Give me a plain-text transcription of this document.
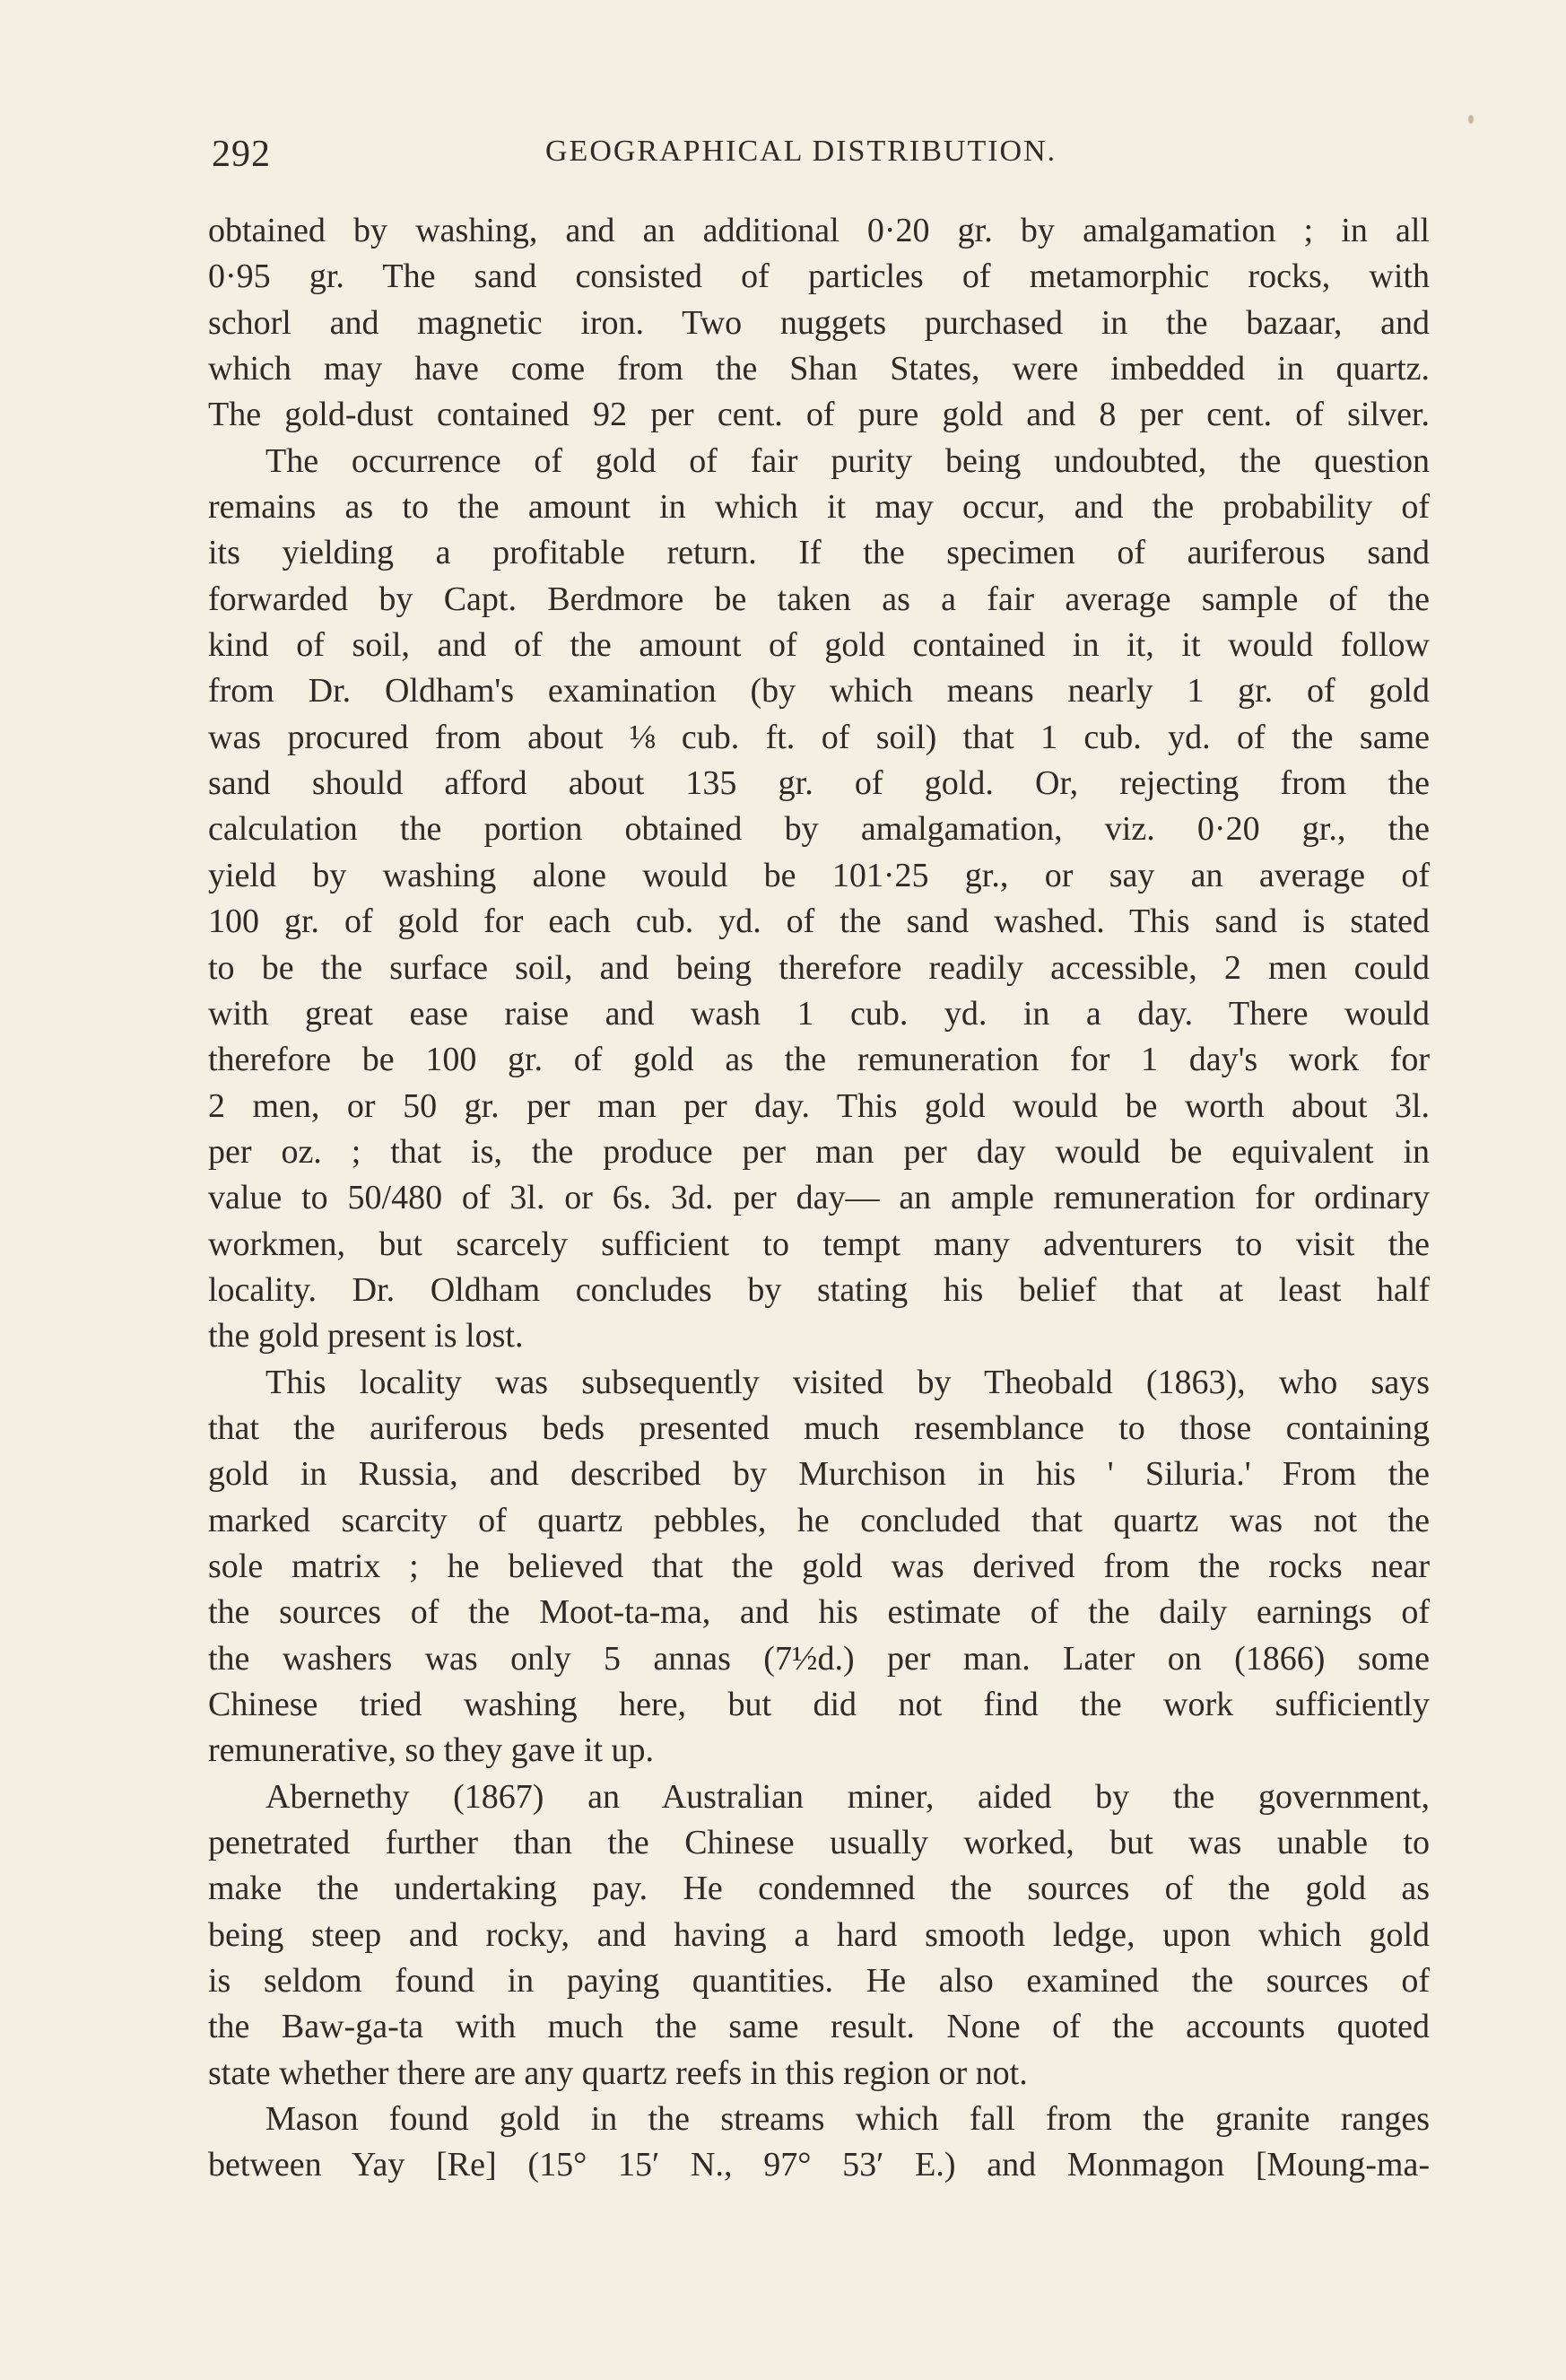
292	GEOGRAPHICAL DISTRIBUTION.
obtained by washing, and an additional 0·20 gr. by amalgamation ; in all
0·95 gr. The sand consisted of particles of metamorphic rocks, with
schorl and magnetic iron. Two nuggets purchased in the bazaar, and
which may have come from the Shan States, were imbedded in quartz.
The gold-dust contained 92 per cent. of pure gold and 8 per cent. of silver.
The occurrence of gold of fair purity being undoubted, the question
remains as to the amount in which it may occur, and the probability of
its yielding a profitable return. If the specimen of auriferous sand
forwarded by Capt. Berdmore be taken as a fair average sample of the
kind of soil, and of the amount of gold contained in it, it would follow
from Dr. Oldham's examination (by which means nearly 1 gr. of gold
was procured from about ⅛ cub. ft. of soil) that 1 cub. yd. of the same
sand should afford about 135 gr. of gold. Or, rejecting from the
calculation the portion obtained by amalgamation, viz. 0·20 gr., the
yield by washing alone would be 101·25 gr., or say an average of
100 gr. of gold for each cub. yd. of the sand washed. This sand is stated
to be the surface soil, and being therefore readily accessible, 2 men could
with great ease raise and wash 1 cub. yd. in a day. There would
therefore be 100 gr. of gold as the remuneration for 1 day's work for
2 men, or 50 gr. per man per day. This gold would be worth about 3l.
per oz. ; that is, the produce per man per day would be equivalent in
value to 50/480 of 3l. or 6s. 3d. per day— an ample remuneration for ordinary
workmen, but scarcely sufficient to tempt many adventurers to visit the
locality. Dr. Oldham concludes by stating his belief that at least half
the gold present is lost.
This locality was subsequently visited by Theobald (1863), who says
that the auriferous beds presented much resemblance to those containing
gold in Russia, and described by Murchison in his ' Siluria.' From the
marked scarcity of quartz pebbles, he concluded that quartz was not the
sole matrix ; he believed that the gold was derived from the rocks near
the sources of the Moot-ta-ma, and his estimate of the daily earnings of
the washers was only 5 annas (7½d.) per man. Later on (1866) some
Chinese tried washing here, but did not find the work sufficiently
remunerative, so they gave it up.
Abernethy (1867) an Australian miner, aided by the government,
penetrated further than the Chinese usually worked, but was unable to
make the undertaking pay. He condemned the sources of the gold as
being steep and rocky, and having a hard smooth ledge, upon which gold
is seldom found in paying quantities. He also examined the sources of
the Baw-ga-ta with much the same result. None of the accounts quoted
state whether there are any quartz reefs in this region or not.
Mason found gold in the streams which fall from the granite ranges
between Yay [Re] (15° 15′ N., 97° 53′ E.) and Monmagon [Moung-ma-
